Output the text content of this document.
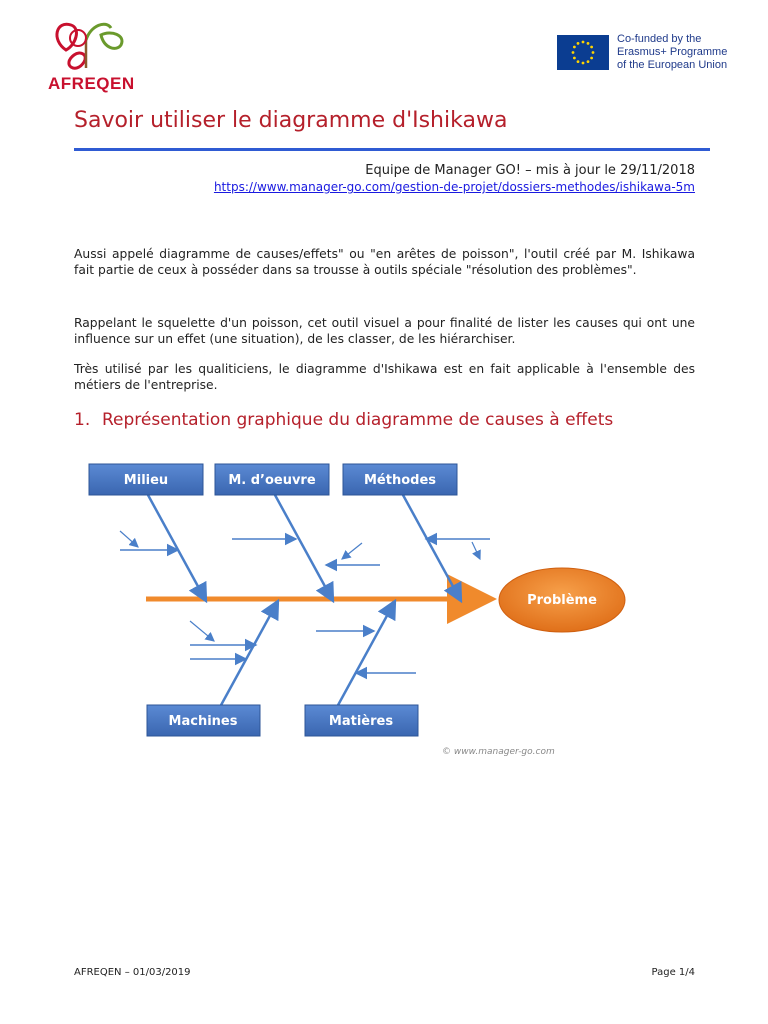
AFREQEN
Co-funded by the
Erasmus+ Programme
of the European Union
Savoir utiliser le diagramme d'Ishikawa
Equipe de Manager GO! – mis à jour le 29/11/2018
https://www.manager-go.com/gestion-de-projet/dossiers-methodes/ishikawa-5m
Aussi appelé diagramme de causes/effets" ou "en arêtes de poisson", l'outil créé par M. Ishikawa fait partie de ceux à posséder dans sa trousse à outils spéciale "résolution des problèmes".
Rappelant le squelette d'un poisson, cet outil visuel a pour finalité de lister les causes qui ont une influence sur un effet (une situation), de les classer, de les hiérarchiser.
Très utilisé par les qualiticiens, le diagramme d'Ishikawa est en fait applicable à l'ensemble des métiers de l'entreprise.
1. Représentation graphique du diagramme de causes à effets
Milieu	M. d’oeuvre	Méthodes
Machines	Matières
Problème
© www.manager-go.com
AFREQEN – 01/03/2019	Page 1/4
